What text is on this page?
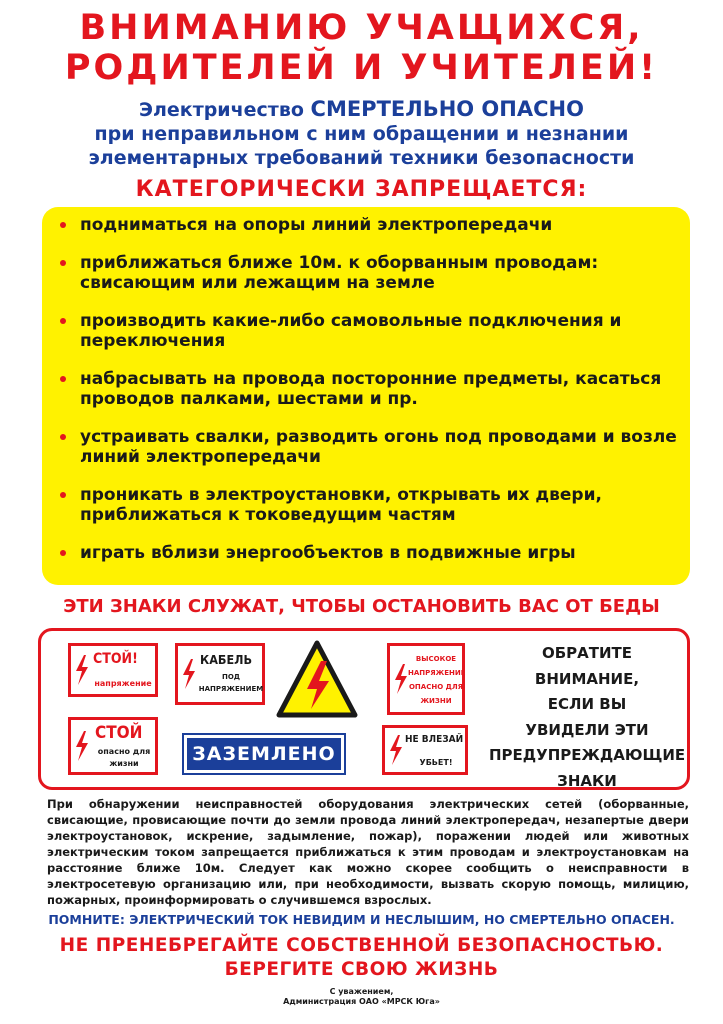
ВНИМАНИЮ УЧАЩИХСЯ,
РОДИТЕЛЕЙ И УЧИТЕЛЕЙ!
Электричество СМЕРТЕЛЬНО ОПАСНО
при неправильном с ним обращении и незнании
элементарных требований техники безопасности
КАТЕГОРИЧЕСКИ ЗАПРЕЩАЕТСЯ:
подниматься на опоры линий электропередачи
приближаться ближе 10м. к оборванным проводам: свисающим или лежащим на земле
производить какие-либо самовольные подключения и переключения
набрасывать на провода посторонние предметы, касаться проводов палками, шестами и пр.
устраивать свалки, разводить огонь под проводами и возле линий электропередачи
проникать в электроустановки, открывать их двери, приближаться к токоведущим частям
играть вблизи энергообъектов в подвижные игры
ЭТИ ЗНАКИ СЛУЖАТ, ЧТОБЫ ОСТАНОВИТЬ ВАС ОТ БЕДЫ
СТОЙ!
напряжение
КАБЕЛЬ
ПОД
НАПРЯЖЕНИЕМ
ВЫСОКОЕ
НАПРЯЖЕНИЕ
ОПАСНО ДЛЯ
ЖИЗНИ
СТОЙ
опасно для
жизни	ЗАЗЕМЛЕНО
НЕ ВЛЕЗАЙ
УБЬЕТ!
ОБРАТИТЕ
ВНИМАНИЕ,
ЕСЛИ ВЫ
УВИДЕЛИ ЭТИ
ПРЕДУПРЕЖДАЮЩИЕ
ЗНАКИ
При обнаружении неисправностей оборудования электрических сетей (оборванные, свисающие, провисающие почти до земли провода линий электропередач, незапертые двери электроустановок, искрение, задымление, пожар), поражении людей или животных электрическим током запрещается приближаться к этим проводам и электроустановкам на расстояние ближе 10м. Следует как можно скорее сообщить о неисправности в электросетевую организацию или, при необходимости, вызвать скорую помощь, милицию, пожарных, проинформировать о случившемся взрослых.
ПОМНИТЕ: ЭЛЕКТРИЧЕСКИЙ ТОК НЕВИДИМ И НЕСЛЫШИМ, НО СМЕРТЕЛЬНО ОПАСЕН.
НЕ ПРЕНЕБРЕГАЙТЕ СОБСТВЕННОЙ БЕЗОПАСНОСТЬЮ.
БЕРЕГИТЕ СВОЮ ЖИЗНЬ
С уважением,
Администрация ОАО «МРСК Юга»
